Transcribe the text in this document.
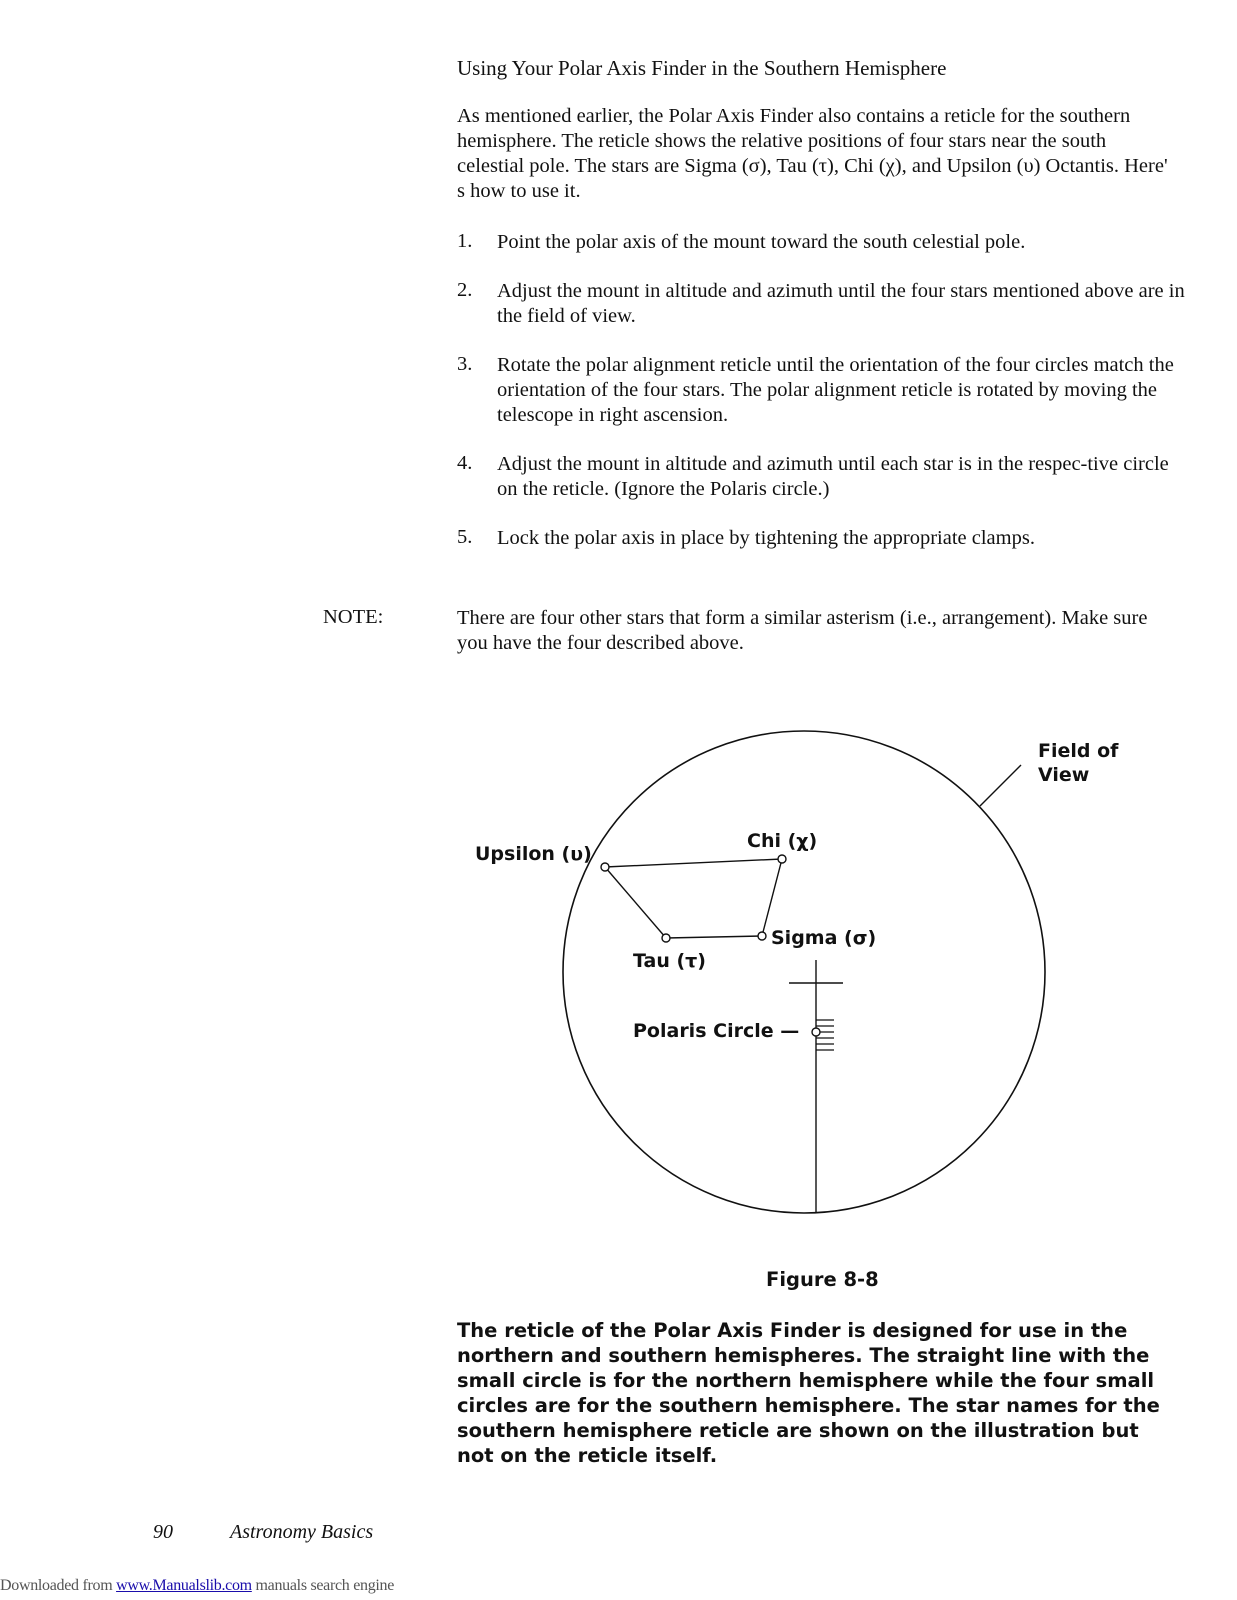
Using Your Polar Axis Finder in the Southern Hemisphere
As mentioned earlier, the Polar Axis Finder also contains a reticle for the southern hemisphere. The reticle shows the relative positions of four stars near the south celestial pole. The stars are Sigma (σ), Tau (τ), Chi (χ), and Upsilon (υ) Octantis. Here' s how to use it.
1. Point the polar axis of the mount toward the south celestial pole.
2. Adjust the mount in altitude and azimuth until the four stars mentioned above are in the field of view.
3. Rotate the polar alignment reticle until the orientation of the four circles match the orientation of the four stars. The polar alignment reticle is rotated by moving the telescope in right ascension.
4. Adjust the mount in altitude and azimuth until each star is in the respec-tive circle on the reticle. (Ignore the Polaris circle.)
5. Lock the polar axis in place by tightening the appropriate clamps.
NOTE:	There are four other stars that form a similar asterism (i.e., arrangement). Make sure you have the four described above.
Field of
View
Upsilon (υ)
Chi (χ)
Sigma (σ)
Tau (τ)
Polaris Circle —
Figure 8-8
The reticle of the Polar Axis Finder is designed for use in the northern and southern hemispheres. The straight line with the small circle is for the northern hemisphere while the four small circles are for the southern hemisphere. The star names for the southern hemisphere reticle are shown on the illustration but not on the reticle itself.
90	Astronomy Basics
Downloaded from www.Manualslib.com manuals search engine
